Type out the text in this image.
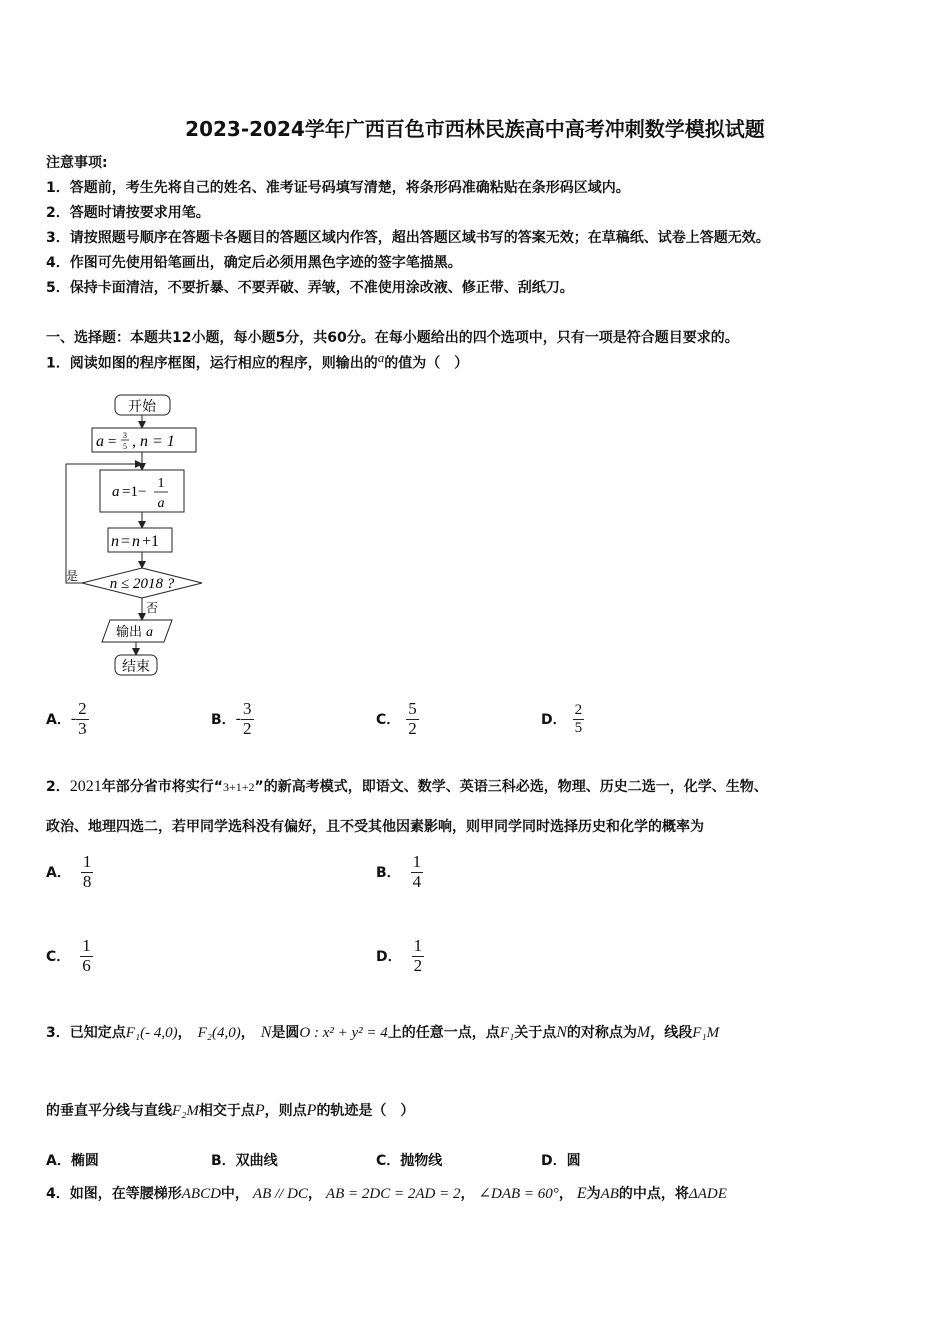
2023-2024学年广西百色市西林民族高中高考冲刺数学模拟试题
注意事项:
1．答题前，考生先将自己的姓名、准考证号码填写清楚，将条形码准确粘贴在条形码区域内。
2．答题时请按要求用笔。
3．请按照题号顺序在答题卡各题目的答题区域内作答，超出答题区域书写的答案无效；在草稿纸、试卷上答题无效。
4．作图可先使用铅笔画出，确定后必须用黑色字迹的签字笔描黑。
5．保持卡面清洁，不要折暴、不要弄破、弄皱，不准使用涂改液、修正带、刮纸刀。
一、选择题：本题共12小题，每小题5分，共60分。在每小题给出的四个选项中，只有一项是符合题目要求的。
1．阅读如图的程序框图，运行相应的程序，则输出的$^a$的值为（　）
开始
a = 3
5 , n = 1
a =1−
1
a
n = n +1
n ≤ 2018 ?
是
否
输出 a
结束
A． - $\frac{2}{3}$	B． - $\frac{3}{2}$	C． $\frac{5}{2}$	D． $\frac{2}{5}$
2．2021年部分省市将实行“3+1+2”的新高考模式，即语文、数学、英语三科必选，物理、历史二选一，化学、生物、
政治、地理四选二，若甲同学选科没有偏好，且不受其他因素影响，则甲同学同时选择历史和化学的概率为
A． $\frac{1}{8}$	B． $\frac{1}{4}$
C． $\frac{1}{6}$	D． $\frac{1}{2}$
3．已知定点F₁(- 4,0)， F₂(4,0)， N是圆O : x² + y² = 4上的任意一点，点F₁关于点N的对称点为M，线段F₁M
的垂直平分线与直线F₂M相交于点P，则点P的轨迹是（　）
A．椭圆	B．双曲线	C．抛物线	D．圆
4．如图，在等腰梯形ABCD中， AB // DC， AB = 2DC = 2AD = 2， ∠DAB = 60°， E为AB的中点，将ΔADE
